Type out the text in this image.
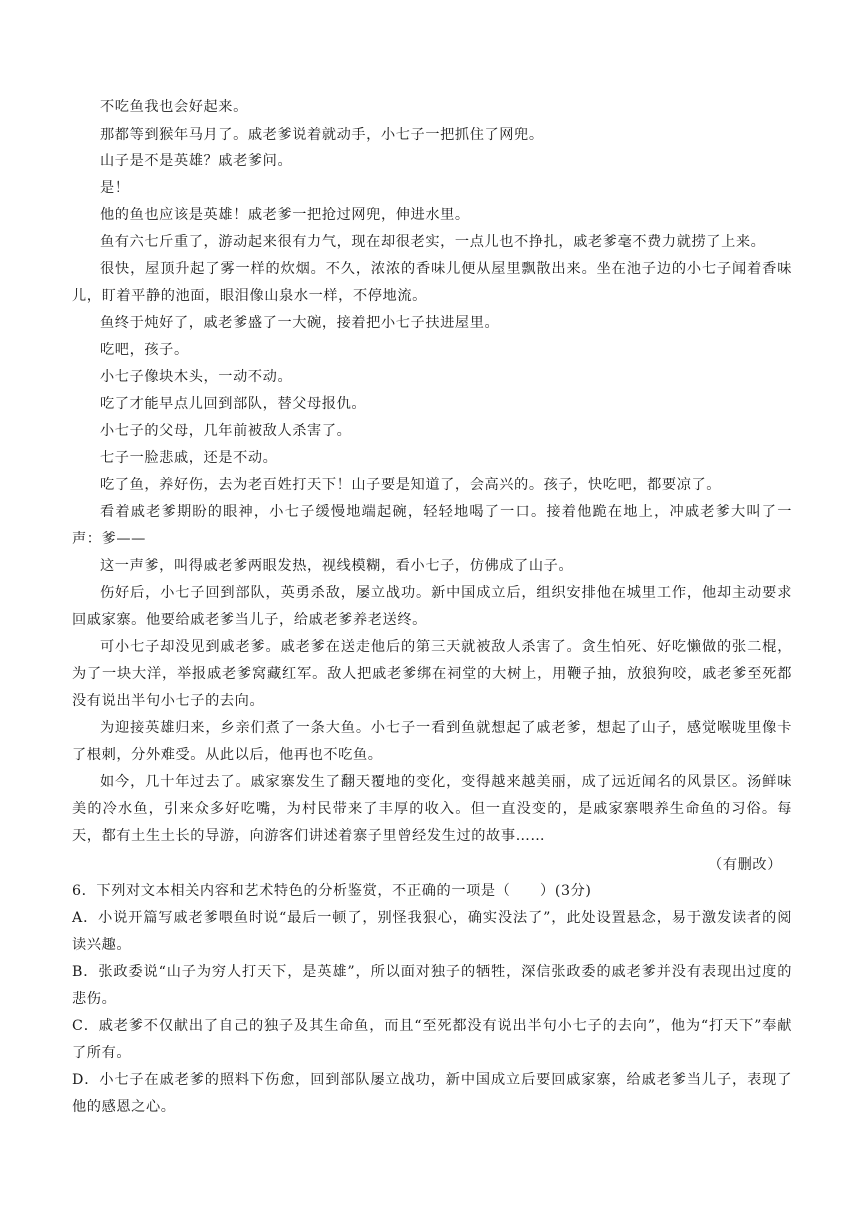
不吃鱼我也会好起来。

那都等到猴年马月了。戚老爹说着就动手，小七子一把抓住了网兜。

山子是不是英雄？戚老爹问。

是！

他的鱼也应该是英雄！戚老爹一把抢过网兜，伸进水里。

鱼有六七斤重了，游动起来很有力气，现在却很老实，一点儿也不挣扎，戚老爹毫不费力就捞了上来。

很快，屋顶升起了雾一样的炊烟。不久，浓浓的香味儿便从屋里飘散出来。坐在池子边的小七子闻着香味儿，盯着平静的池面，眼泪像山泉水一样，不停地流。

鱼终于炖好了，戚老爹盛了一大碗，接着把小七子扶进屋里。

吃吧，孩子。

小七子像块木头，一动不动。

吃了才能早点儿回到部队，替父母报仇。

小七子的父母，几年前被敌人杀害了。

七子一脸悲戚，还是不动。

吃了鱼，养好伤，去为老百姓打天下！山子要是知道了，会高兴的。孩子，快吃吧，都要凉了。

看着戚老爹期盼的眼神，小七子缓慢地端起碗，轻轻地喝了一口。接着他跪在地上，冲戚老爹大叫了一声：爹——

这一声爹，叫得戚老爹两眼发热，视线模糊，看小七子，仿佛成了山子。

伤好后，小七子回到部队，英勇杀敌，屡立战功。新中国成立后，组织安排他在城里工作，他却主动要求回戚家寨。他要给戚老爹当儿子，给戚老爹养老送终。

可小七子却没见到戚老爹。戚老爹在送走他后的第三天就被敌人杀害了。贪生怕死、好吃懒做的张二棍，为了一块大洋，举报戚老爹窝藏红军。敌人把戚老爹绑在祠堂的大树上，用鞭子抽，放狼狗咬，戚老爹至死都没有说出半句小七子的去向。

为迎接英雄归来，乡亲们煮了一条大鱼。小七子一看到鱼就想起了戚老爹，想起了山子，感觉喉咙里像卡了根刺，分外难受。从此以后，他再也不吃鱼。

如今，几十年过去了。戚家寨发生了翻天覆地的变化，变得越来越美丽，成了远近闻名的风景区。汤鲜味美的冷水鱼，引来众多好吃嘴，为村民带来了丰厚的收入。但一直没变的，是戚家寨喂养生命鱼的习俗。每天，都有土生土长的导游，向游客们讲述着寨子里曾经发生过的故事……

（有删改）

6．下列对文本相关内容和艺术特色的分析鉴赏，不正确的一项是（　　）(3分)

A．小说开篇写戚老爹喂鱼时说“最后一顿了，别怪我狠心，确实没法了”，此处设置悬念，易于激发读者的阅读兴趣。

B．张政委说“山子为穷人打天下，是英雄”，所以面对独子的牺牲，深信张政委的戚老爹并没有表现出过度的悲伤。

C．戚老爹不仅献出了自己的独子及其生命鱼，而且“至死都没有说出半句小七子的去向”，他为“打天下”奉献了所有。

D．小七子在戚老爹的照料下伤愈，回到部队屡立战功，新中国成立后要回戚家寨，给戚老爹当儿子，表现了他的感恩之心。
